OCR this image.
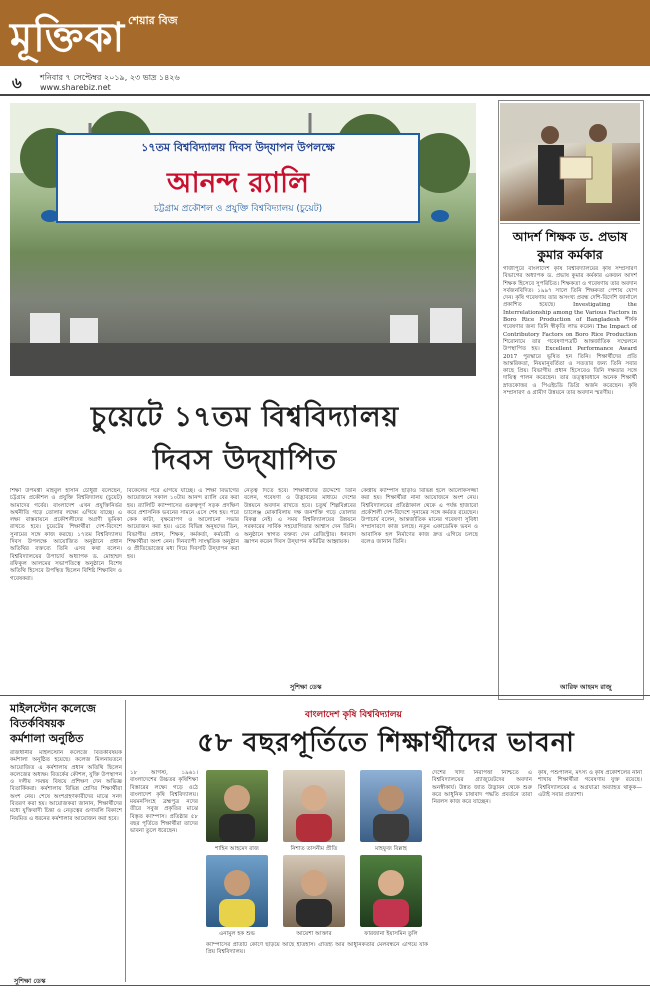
শেয়ার বিজ
মূক্তিকা
৬ শনিবার ৭ সেপ্টেম্বর ২০১৯, ২৩ ভাদ্র ১৪২৬
www.sharebiz.net
১৭তম বিশ্ববিদ্যালয় দিবস উদ্‌যাপন উপলক্ষে
আনন্দ র‍্যালি
চট্টগ্রাম প্রকৌশল ও প্রযুক্তি বিশ্ববিদ্যালয় (চুয়েট)
আদর্শ শিক্ষক ড. প্রভাষ কুমার কর্মকার
গাজীপুরে বাংলাদেশ কৃষি বিশ্ববিদ্যালয়ের কৃষি সম্প্রসারণ বিভাগের অধ্যাপক ড. প্রভাষ কুমার কর্মকার একজন আদর্শ শিক্ষক হিসেবে সুপরিচিত। শিক্ষকতা ও গবেষণায় তার অবদান সর্বজনবিদিত। ১৯৯৭ সালে তিনি শিক্ষকতা পেশায় যোগ দেন। কৃষি গবেষণায় তার অসংখ্য প্রবন্ধ দেশি-বিদেশি জার্নালে প্রকাশিত হয়েছে। Investigating the Interrelationship among the Various Factors in Boro Rice Production of Bangladesh শীর্ষক গবেষণার জন্য তিনি স্বীকৃতি লাভ করেন। The Impact of Contributory Factors on Boro Rice Production শিরোনামে তার গবেষণাপত্রটি আন্তর্জাতিক সম্মেলনে উপস্থাপিত হয়। Excellent Performance Award 2017 পুরস্কারে ভূষিত হন তিনি। শিক্ষার্থীদের প্রতি আন্তরিকতা, নিয়মানুবর্তিতা ও সততার জন্য তিনি সবার কাছে প্রিয়। বিভাগীয় প্রধান হিসেবেও তিনি দক্ষতার সঙ্গে দায়িত্ব পালন করেছেন। তার তত্ত্বাবধানে অনেক শিক্ষার্থী স্নাতকোত্তর ও পিএইচডি ডিগ্রি অর্জন করেছেন। কৃষি সম্প্রসারণ ও গ্রামীণ উন্নয়নে তার অবদান স্মরণীয়।
আরিফ আহমদ রাজু
চুয়েটে ১৭তম বিশ্ববিদ্যালয়
দিবস উদ্‌যাপিত
শিক্ষা উপমন্ত্রী মহিবুল হাসান চৌধুরী বলেছেন, চট্টগ্রাম প্রকৌশল ও প্রযুক্তি বিশ্ববিদ্যালয় (চুয়েট) আমাদের গর্বের। বাংলাদেশ এখন প্রযুক্তিনির্ভর অর্থনীতি গড়ে তোলার লক্ষ্যে এগিয়ে যাচ্ছে। এ লক্ষ্য বাস্তবায়নে প্রকৌশলীদের অগ্রণী ভূমিকা রাখতে হবে। চুয়েটের শিক্ষার্থীরা দেশ-বিদেশে সুনামের সঙ্গে কাজ করছে। ১৭তম বিশ্ববিদ্যালয় দিবস উপলক্ষে আয়োজিত অনুষ্ঠানে প্রধান অতিথির বক্তব্যে তিনি এসব কথা বলেন। বিশ্ববিদ্যালয়ের উপাচার্য অধ্যাপক ড. মোহাম্মদ রফিকুল আলমের সভাপতিত্বে অনুষ্ঠানে বিশেষ অতিথি হিসেবে উপস্থিত ছিলেন বিশিষ্ট শিক্ষাবিদ ও গবেষকরা।
বিকেলের পরে এগিয়ে যাচ্ছে। এ শিক্ষা বিভাগের আয়োজনে সকাল ১০টায় আনন্দ র‍্যালি বের করা হয়। র‍্যালিটি ক্যাম্পাসের গুরুত্বপূর্ণ সড়ক প্রদক্ষিণ করে প্রশাসনিক ভবনের সামনে এসে শেষ হয়। পরে কেক কাটা, বৃক্ষরোপণ ও আলোচনা সভার আয়োজন করা হয়। এতে বিভিন্ন অনুষদের ডিন, বিভাগীয় প্রধান, শিক্ষক, কর্মকর্তা, কর্মচারী ও শিক্ষার্থীরা অংশ নেন। দিনব্যাপী সাংস্কৃতিক অনুষ্ঠান ও প্রীতিভোজের মধ্য দিয়ে দিবসটি উদ্‌যাপন করা হয়।
নেতৃত্ব দিতে হবে। শিক্ষার্থীদের উদ্দেশ্যে তিনি বলেন, গবেষণা ও উদ্ভাবনের মাধ্যমে দেশের উন্নয়নে অবদান রাখতে হবে। চতুর্থ শিল্পবিপ্লবের চ্যালেঞ্জ মোকাবিলায় দক্ষ জনশক্তি গড়ে তোলার বিকল্প নেই। এ সময় বিশ্ববিদ্যালয়ের উন্নয়নে সরকারের সার্বিক সহযোগিতার আশ্বাস দেন তিনি। অনুষ্ঠানে স্বাগত বক্তব্য দেন রেজিস্ট্রার। ধন্যবাদ জ্ঞাপন করেন দিবস উদ্‌যাপন কমিটির আহ্বায়ক।
কেন্দ্রীয় ক্যাম্পাস ছাড়াও বিভিন্ন হলে আলোকসজ্জা করা হয়। শিক্ষার্থীরা নানা আয়োজনে অংশ নেয়। বিশ্ববিদ্যালয়ের প্রতিষ্ঠাকাল থেকে এ পর্যন্ত হাজারো প্রকৌশলী দেশ-বিদেশে সুনামের সঙ্গে কর্মরত রয়েছেন। উপাচার্য বলেন, আন্তর্জাতিক মানের গবেষণা সুবিধা সম্প্রসারণে কাজ চলছে। নতুন একাডেমিক ভবন ও আবাসিক হল নির্মাণের কাজ দ্রুত এগিয়ে চলছে বলেও জানান তিনি।
সুশিক্ষা ডেস্ক
মাইলস্টোন কলেজে
বিতর্কবিষয়ক
কর্মশালা অনুষ্ঠিত
রাজধানীর মাইলস্টোন কলেজে বিতর্কবিষয়ক কর্মশালা অনুষ্ঠিত হয়েছে। কলেজ মিলনায়তনে আয়োজিত এ কর্মশালায় প্রধান অতিথি ছিলেন কলেজের অধ্যক্ষ। বিতর্কের কৌশল, যুক্তি উপস্থাপন ও দলীয় সমন্বয় বিষয়ে প্রশিক্ষণ দেন অভিজ্ঞ বিতার্কিকরা। কর্মশালায় বিভিন্ন শ্রেণির শিক্ষার্থীরা অংশ নেয়। শেষে অংশগ্রহণকারীদের মাঝে সনদ বিতরণ করা হয়। আয়োজকরা জানান, শিক্ষার্থীদের মধ্যে যুক্তিবাদী চিন্তা ও নেতৃত্বের গুণাবলি বিকাশে নিয়মিত এ ধরনের কর্মশালার আয়োজন করা হবে।
সুশিক্ষা ডেস্ক
বাংলাদেশ কৃষি বিশ্ববিদ্যালয়
৫৮ বছরপূর্তিতে শিক্ষার্থীদের ভাবনা
১৮ আগস্ট, ১৯৬১। বাংলাদেশের উচ্চতর কৃষিশিক্ষা বিস্তারের লক্ষ্যে গড়ে ওঠে বাংলাদেশ কৃষি বিশ্ববিদ্যালয়। ময়মনসিংহে ব্রহ্মপুত্র নদের তীরে সবুজ প্রকৃতির মাঝে বিস্তৃত ক্যাম্পাস। প্রতিষ্ঠার ৫৮ বছর পূর্তিতে শিক্ষার্থীরা তাদের ভাবনা তুলে ধরেছেন।
শাহিন আহমেদ রাজ	নিশাত তাসনীম প্রীতি	মাহফুজ বিল্লাহ
এনামুল হক শুভ	আয়েশা আক্তার	ফারজানা ইয়াসমিন তুলি
দেশের খাদ্য নিরাপত্তা নিশ্চিতে এ বিশ্ববিদ্যালয়ের গ্র্যাজুয়েটদের অবদান অনস্বীকার্য। উন্নত জাত উদ্ভাবন থেকে শুরু করে আধুনিক চাষাবাদ পদ্ধতি প্রবর্তনে তারা নিরলস কাজ করে যাচ্ছেন।
কৃষি, পশুপালন, মৎস্য ও কৃষি প্রকৌশলের নানা শাখায় শিক্ষার্থীরা গবেষণায় যুক্ত রয়েছে। বিশ্ববিদ্যালয়ের এ অগ্রযাত্রা অব্যাহত থাকুক—এটাই সবার প্রত্যাশা।
ক্যাম্পাসের প্রতিটি কোণে ছড়িয়ে আছে ইতিহাস। ঐতিহ্য আর আধুনিকতার মেলবন্ধনে এগিয়ে যাক প্রিয় বিশ্ববিদ্যালয়।
